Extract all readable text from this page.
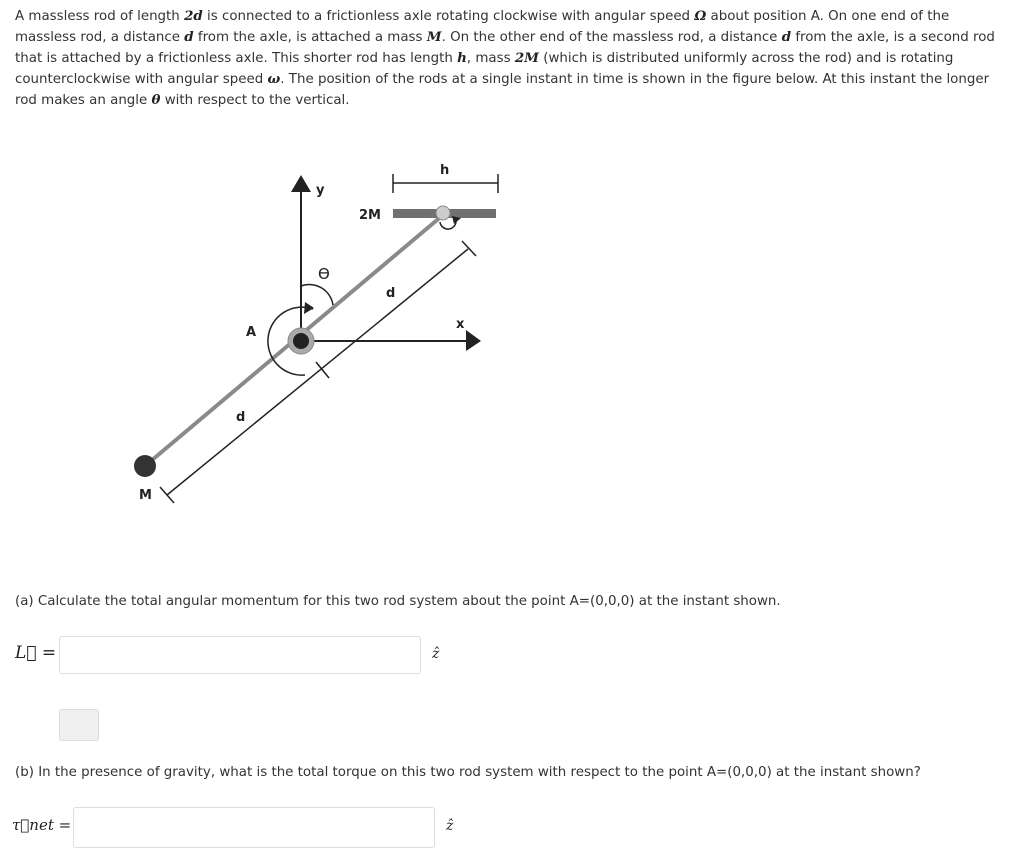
A massless rod of length 2d is connected to a frictionless axle rotating clockwise with angular speed Ω about position A. On one end of the massless rod, a distance d from the axle, is attached a mass M. On the other end of the massless rod, a distance d from the axle, is a second rod that is attached by a frictionless axle. This shorter rod has length h, mass 2M (which is distributed uniformly across the rod) and is rotating counterclockwise with angular speed ω. The position of the rods at a single instant in time is shown in the figure below. At this instant the longer rod makes an angle θ with respect to the vertical.
h
2M
d
d
y
x
ϴ
A
M
(a) Calculate the total angular momentum for this two rod system about the point A=(0,0,0) at the instant shown.
L⃗ =	ẑ
(b) In the presence of gravity, what is the total torque on this two rod system with respect to the point A=(0,0,0) at the instant shown?
τ⃗net =	ẑ
